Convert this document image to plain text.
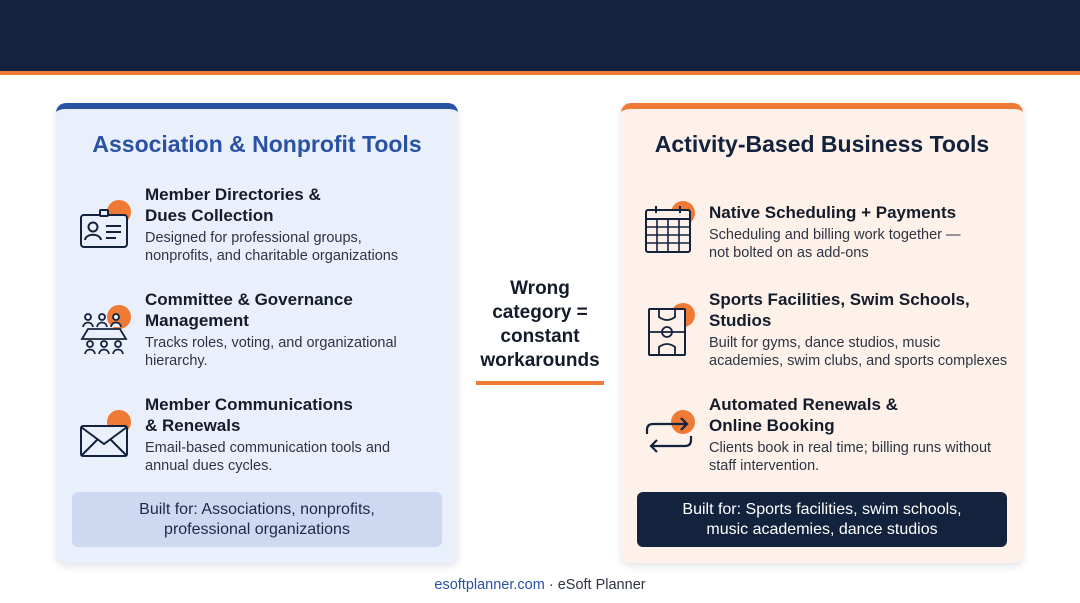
Association & Nonprofit Tools
Member Directories &
Dues Collection
Designed for professional groups,
nonprofits, and charitable organizations
Committee & Governance
Management
Tracks roles, voting, and organizational
hierarchy.
Member Communications
& Renewals
Email-based communication tools and
annual dues cycles.
Built for: Associations, nonprofits,
professional organizations
Wrong
category =
constant
workarounds
Activity-Based Business Tools
Native Scheduling + Payments
Scheduling and billing work together —
not bolted on as add-ons
Sports Facilities, Swim Schools,
Studios
Built for gyms, dance studios, music
academies, swim clubs, and sports complexes
Automated Renewals &
Online Booking
Clients book in real time; billing runs without
staff intervention.
Built for: Sports facilities, swim schools,
music academies, dance studios
esoftplanner.com · eSoft Planner
